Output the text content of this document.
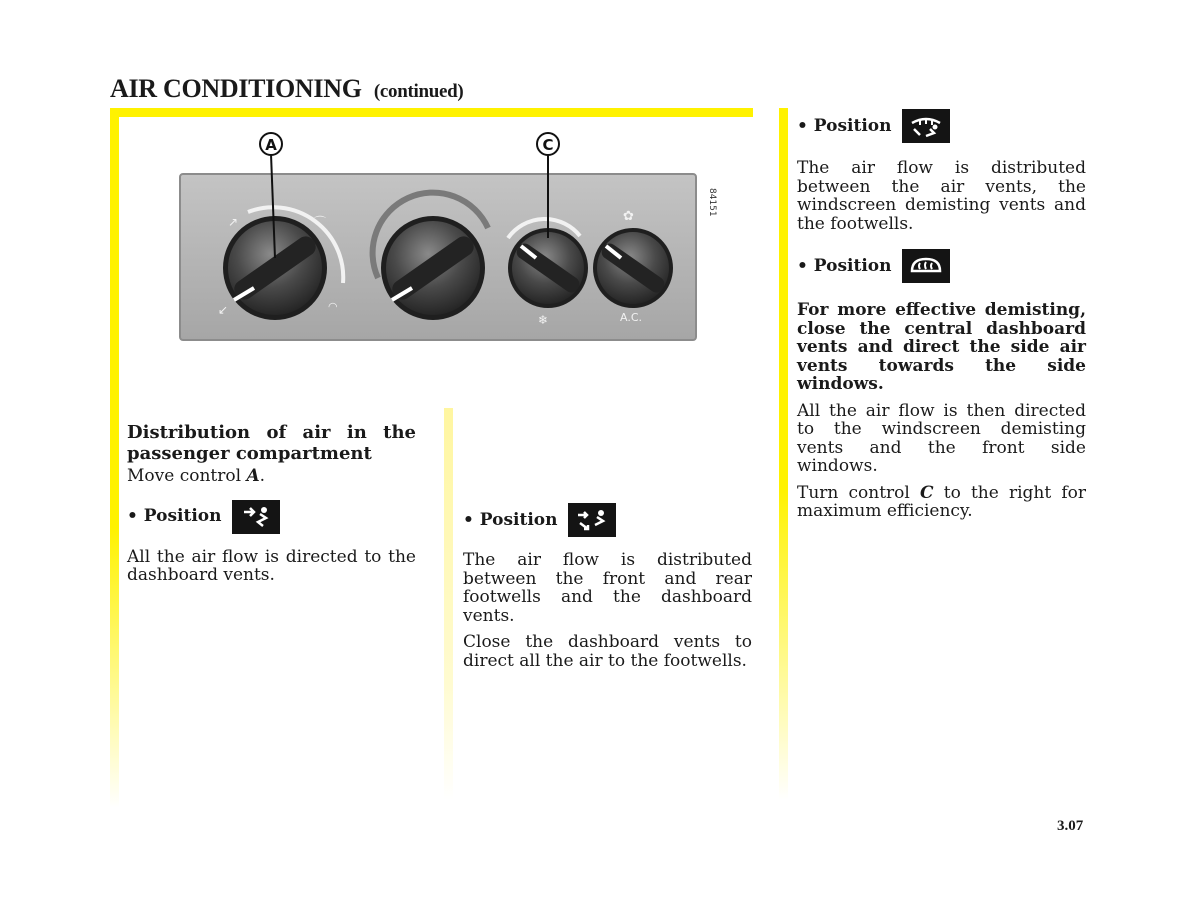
AIR CONDITIONING (continued)
84151
A.C.
↗	⌒
↙	◠
❄
✿
A	C
Distribution of air in the passenger compartment

Move control A.

• Position

All the air flow is directed to the dashboard vents.

• Position

The air flow is distributed between the front and rear footwells and the dashboard vents.

Close the dashboard vents to direct all the air to the footwells.

• Position

The air flow is distributed between the air vents, the windscreen demisting vents and the footwells.

• Position

For more effective demisting, close the central dashboard vents and direct the side air vents towards the side windows.

All the air flow is then directed to the windscreen demisting vents and the front side windows.

Turn control C to the right for maximum efficiency.

3.07
